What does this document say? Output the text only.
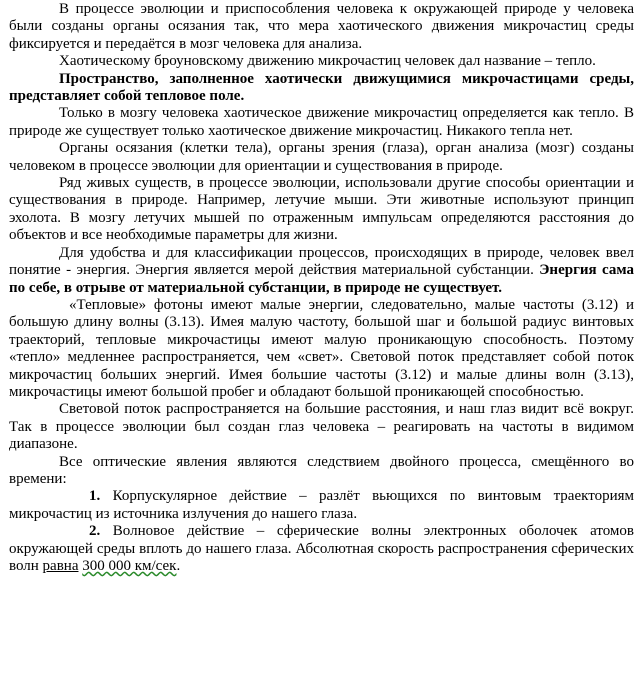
В процессе эволюции и приспособления человека к окружающей природе у человека были созданы органы осязания так, что мера хаотического движения микрочастиц среды фиксируется и передаётся в мозг человека для анализа.

Хаотическому броуновскому движению микрочастиц человек дал название – тепло.

Пространство, заполненное хаотически движущимися микрочастицами среды, представляет собой тепловое поле.

Только в мозгу человека хаотическое движение микрочастиц определяется как тепло. В природе же существует только хаотическое движение микрочастиц. Никакого тепла нет.

Органы осязания (клетки тела), органы зрения (глаза), орган анализа (мозг) созданы человеком в процессе эволюции для ориентации и существования в природе.

Ряд живых существ, в процессе эволюции, использовали другие способы ориентации и существования в природе. Например, летучие мыши. Эти животные используют принцип эхолота. В мозгу летучих мышей по отраженным импульсам определяются расстояния до объектов и все необходимые параметры для жизни.

Для удобства и для классификации процессов, происходящих в природе, человек ввел понятие - энергия. Энергия является мерой действия материальной субстанции. Энергия сама по себе, в отрыве от материальной субстанции, в природе не существует.

«Тепловые» фотоны имеют малые энергии, следовательно, малые частоты (3.12) и большую длину волны (3.13). Имея малую частоту, большой шаг и большой радиус винтовых траекторий, тепловые микрочастицы имеют малую проникающую способность. Поэтому «тепло» медленнее распространяется, чем «свет». Световой поток представляет собой поток микрочастиц больших энергий. Имея большие частоты (3.12) и малые длины волн (3.13), микрочастицы имеют большой пробег и обладают большой проникающей способностью.

Световой поток распространяется на большие расстояния, и наш глаз видит всё вокруг. Так в процессе эволюции был создан глаз человека – реагировать на частоты в видимом диапазоне.

Все оптические явления являются следствием двойного процесса, смещённого во времени:

1. Корпускулярное действие – разлёт вьющихся по винтовым траекториям микрочастиц из источника излучения до нашего глаза.

2. Волновое действие – сферические волны электронных оболочек атомов окружающей среды вплоть до нашего глаза. Абсолютная скорость распространения сферических волн равна 300 000 км/сек.
